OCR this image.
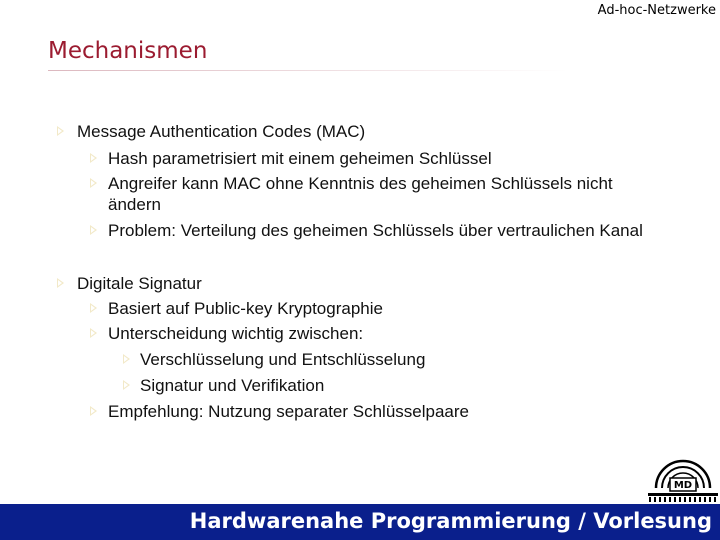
Ad-hoc-Netzwerke
Mechanismen
Message Authentication Codes (MAC)
Hash parametrisiert mit einem geheimen Schlüssel
Angreifer kann MAC ohne Kenntnis des geheimen Schlüssels nicht
ändern
Problem: Verteilung des geheimen Schlüssels über vertraulichen Kanal
Digitale Signatur
Basiert auf Public-key Kryptographie
Unterscheidung wichtig zwischen:
Verschlüsselung und Entschlüsselung
Signatur und Verifikation
Empfehlung: Nutzung separater Schlüsselpaare
MD
Hardwarenahe Programmierung / Vorlesung
